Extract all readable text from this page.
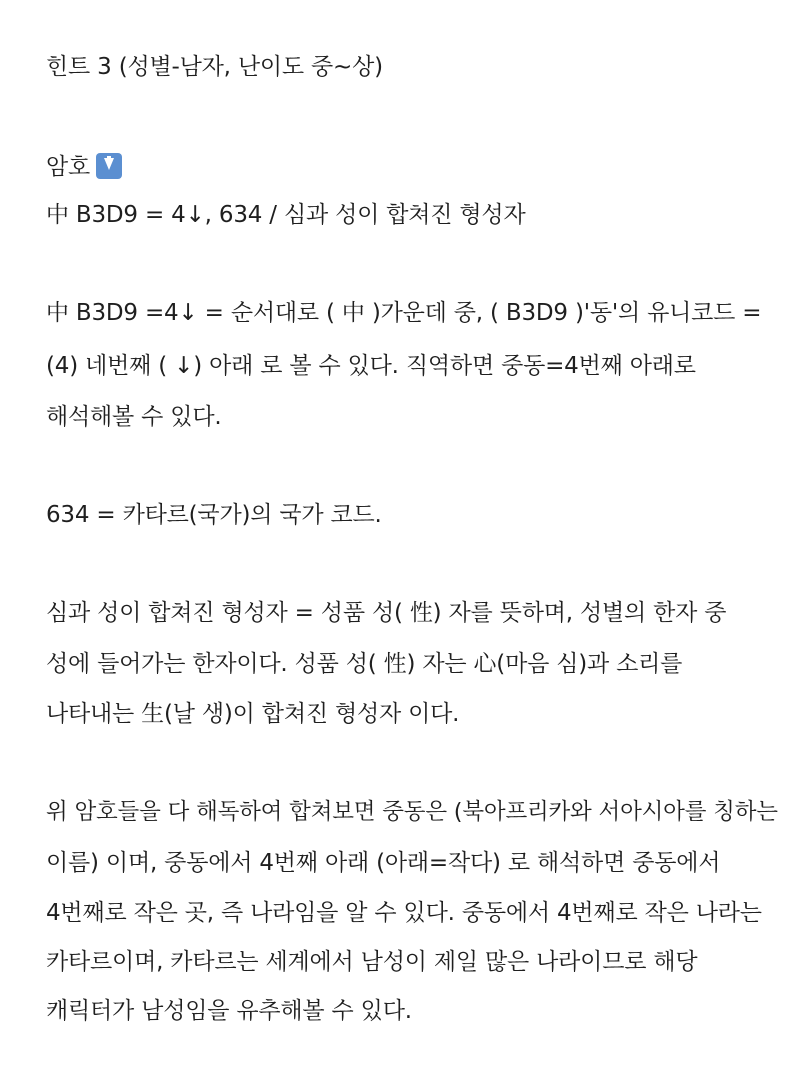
힌트 3 (성별-남자, 난이도 중~상)
암호
中 B3D9 = 4↓, 634 / 심과 성이 합쳐진 형성자
中 B3D9 =4↓ = 순서대로 ( 中 )가운데 중, ( B3D9 )'동'의 유니코드 =
(4) 네번째 ( ↓) 아래 로 볼 수 있다. 직역하면 중동=4번째 아래로
해석해볼 수 있다.
634 = 카타르(국가)의 국가 코드.
심과 성이 합쳐진 형성자 = 성품 성( 性) 자를 뜻하며, 성별의 한자 중
성에 들어가는 한자이다. 성품 성( 性) 자는 心(마음 심)과 소리를
나타내는 生(날 생)이 합쳐진 형성자 이다.
위 암호들을 다 해독하여 합쳐보면 중동은 (북아프리카와 서아시아를 칭하는
이름) 이며, 중동에서 4번째 아래 (아래=작다) 로 해석하면 중동에서
4번째로 작은 곳, 즉 나라임을 알 수 있다. 중동에서 4번째로 작은 나라는
카타르이며, 카타르는 세계에서 남성이 제일 많은 나라이므로 해당
캐릭터가 남성임을 유추해볼 수 있다.
